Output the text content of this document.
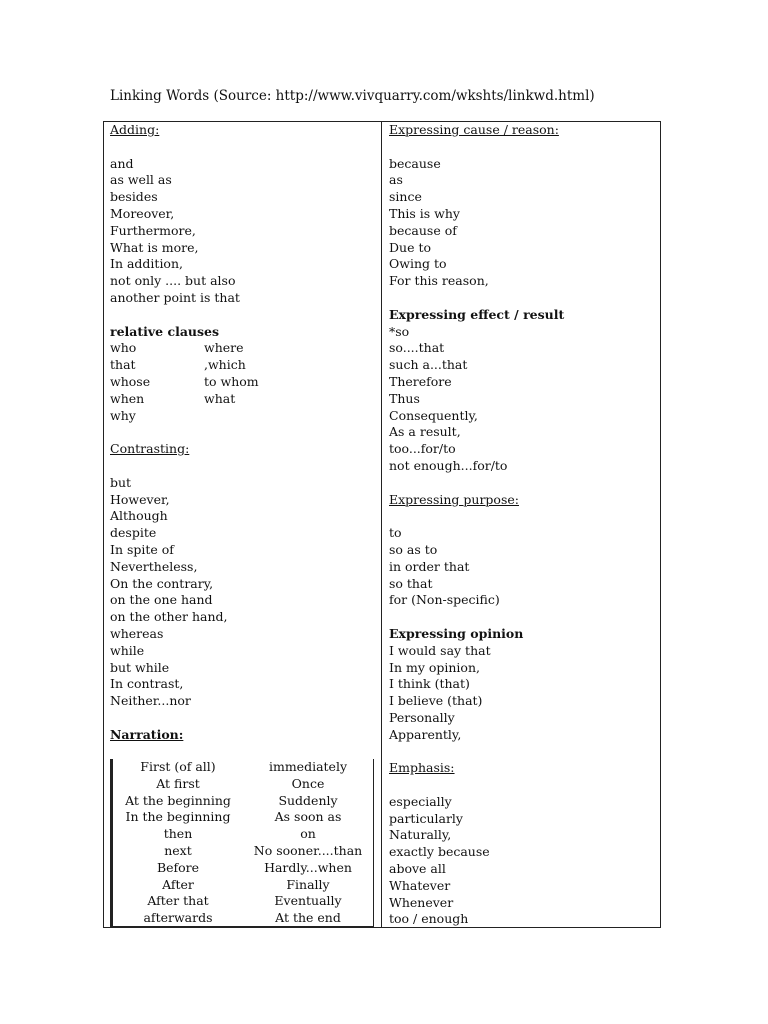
Linking Words (Source: http://www.vivquarry.com/wkshts/linkwd.html)
Adding:
and
as well as
besides
Moreover,
Furthermore,
What is more,
In addition,
not only .... but also
another point is that
relative clauses
who	where
that	,which
whose	to whom
when	what
why
Contrasting:
but
However,
Although
despite
In spite of
Nevertheless,
On the contrary,
on the one hand
on the other hand,
whereas
while
but while
In contrast,
Neither...nor
Narration:
First (of all)	immediately
At first	Once
At the beginning	Suddenly
In the beginning	As soon as
then	on
next	No sooner....than
Before	Hardly...when
After	Finally
After that	Eventually
afterwards	At the end
Expressing cause / reason:
because
as
since
This is why
because of
Due to
Owing to
For this reason,
Expressing effect / result
*so
so....that
such a...that
Therefore
Thus
Consequently,
As a result,
too...for/to
not enough...for/to
Expressing purpose:
to
so as to
in order that
so that
for (Non-specific)
Expressing opinion
I would say that
In my opinion,
I think (that)
I believe (that)
Personally
Apparently,
Emphasis:
especially
particularly
Naturally,
exactly because
above all
Whatever
Whenever
too / enough
